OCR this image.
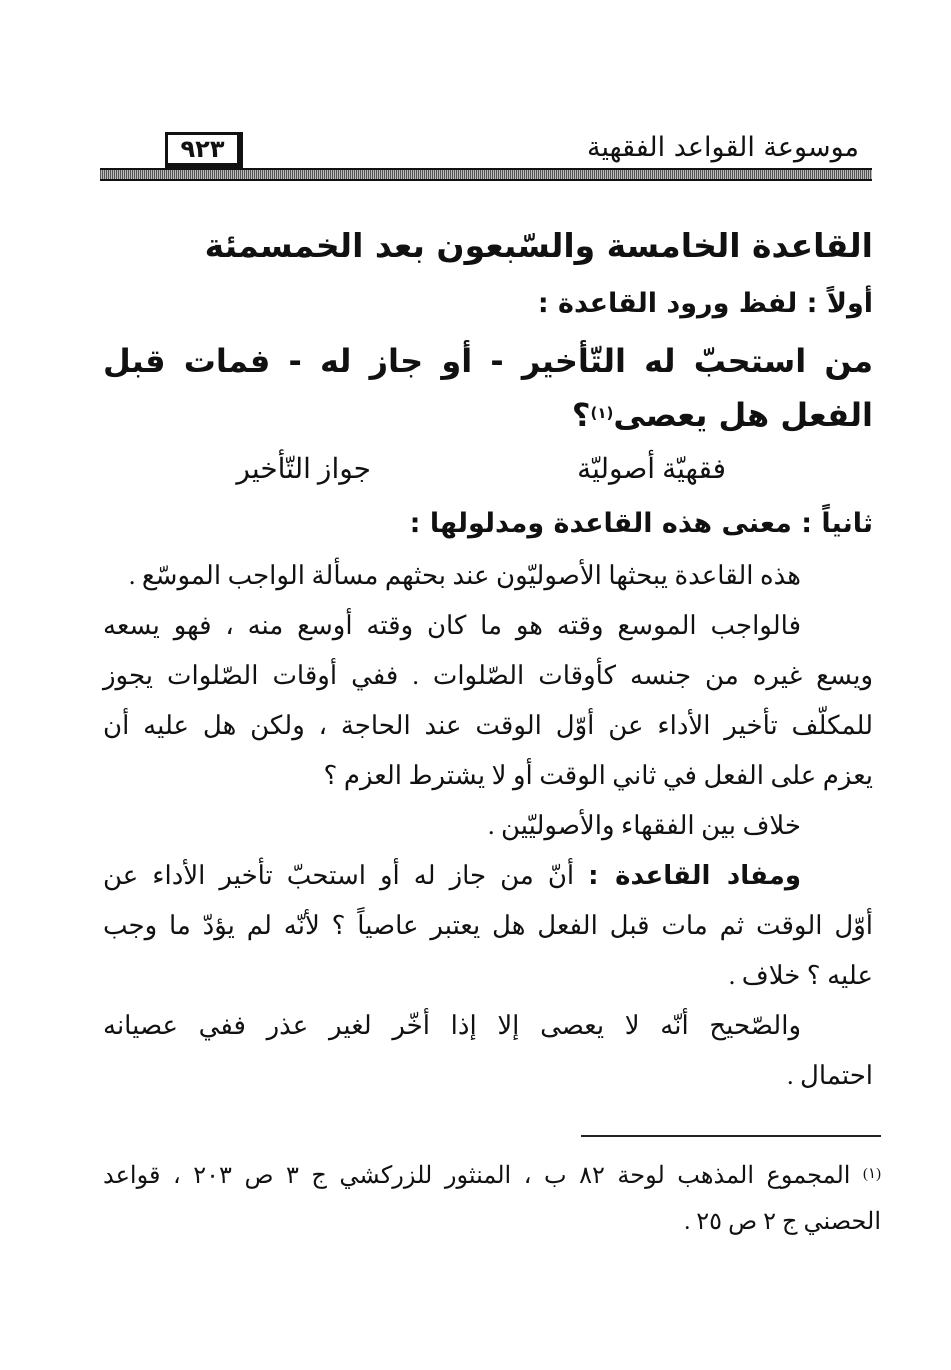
موسوعة القواعد الفقهية
٩٢٣
القاعدة الخامسة والسّبعون بعد الخمسمئة
أولاً : لفظ ورود القاعدة :
من استحبّ له التّأخير - أو جاز له - فمات قبل
الفعل هل يعصى$^{(١)}$؟
فقهيّة أصوليّة
جواز التّأخير
ثانياً : معنى هذه القاعدة ومدلولها :
هذه القاعدة يبحثها الأصوليّون عند بحثهم مسألة الواجب الموسّع .
فالواجب الموسع وقته هو ما كان وقته أوسع منه ، فهو يسعه
ويسع غيره من جنسه كأوقات الصّلوات . ففي أوقات الصّلوات يجوز
للمكلّف تأخير الأداء عن أوّل الوقت عند الحاجة ، ولكن هل عليه أن
يعزم على الفعل في ثاني الوقت أو لا يشترط العزم ؟
خلاف بين الفقهاء والأصوليّين .
ومفاد القاعدة : أنّ من جاز له أو استحبّ تأخير الأداء عن
أوّل الوقت ثم مات قبل الفعل هل يعتبر عاصياً ؟ لأنّه لم يؤدّ ما وجب
عليه ؟ خلاف .
والصّحيح أنّه لا يعصى إلا إذا أخّر لغير عذر ففي عصيانه
احتمال .
$^{(١)}$ المجموع المذهب لوحة ٨٢ ب ، المنثور للزركشي ج ٣ ص ٢٠٣ ، قواعد
الحصني ج ٢ ص ٢٥ .
